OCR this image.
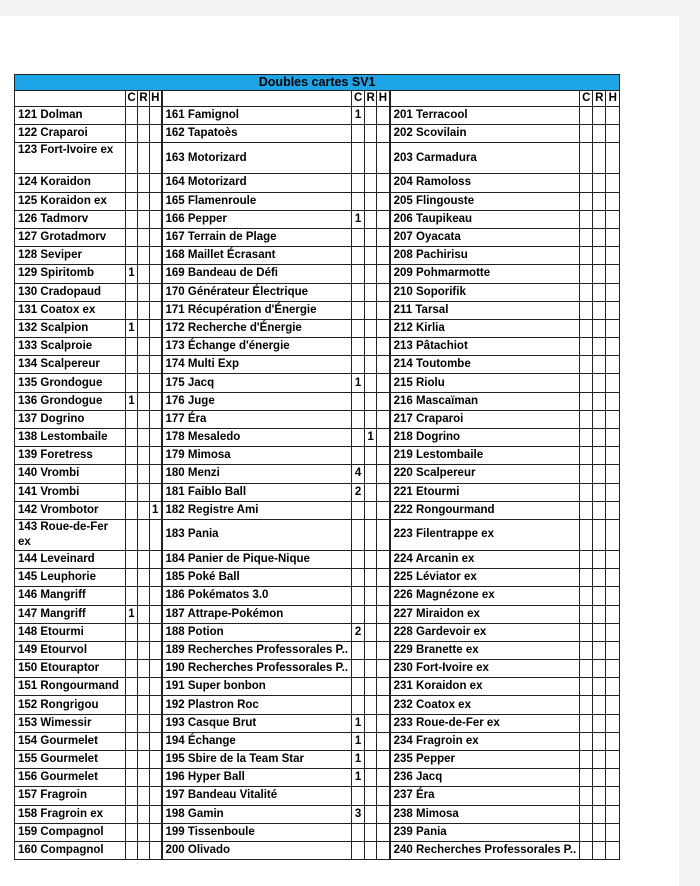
Doubles cartes SV1											
	C	R	H		C	R	H		C	R	H
121 Dolman				161 Famignol	1			201 Terracool			
122 Craparoi				162 Tapatoès				202 Scovilain			
123 Fort-Ivoire ex				163 Motorizard				203 Carmadura			
124 Koraidon				164 Motorizard				204 Ramoloss			
125 Koraidon ex				165 Flamenroule				205 Flingouste			
126 Tadmorv				166 Pepper	1			206 Taupikeau			
127 Grotadmorv				167 Terrain de Plage				207 Oyacata			
128 Seviper				168 Maillet Écrasant				208 Pachirisu			
129 Spiritomb	1			169 Bandeau de Défi				209 Pohmarmotte			
130 Cradopaud				170 Générateur Électrique				210 Soporifik			
131 Coatox ex				171 Récupération d'Énergie				211 Tarsal			
132 Scalpion	1			172 Recherche d'Énergie				212 Kirlia			
133 Scalproie				173 Échange d'énergie				213 Pâtachiot			
134 Scalpereur				174 Multi Exp				214 Toutombe			
135 Grondogue				175 Jacq	1			215 Riolu			
136 Grondogue	1			176 Juge				216 Mascaïman			
137 Dogrino				177 Éra				217 Craparoi			
138 Lestombaile				178 Mesaledo		1		218 Dogrino			
139 Foretress				179 Mimosa				219 Lestombaile			
140 Vrombi				180 Menzi	4			220 Scalpereur			
141 Vrombi				181 Faiblo Ball	2			221 Etourmi			
142 Vrombotor			1	182 Registre Ami				222 Rongourmand			
143 Roue-de-Fer ex				183 Pania				223 Filentrappe ex			
144 Leveinard				184 Panier de Pique-Nique				224 Arcanin ex			
145 Leuphorie				185 Poké Ball				225 Léviator ex			
146 Mangriff				186 Pokématos 3.0				226 Magnézone ex			
147 Mangriff	1			187 Attrape-Pokémon				227 Miraidon ex			
148 Etourmi				188 Potion	2			228 Gardevoir ex			
149 Etourvol				189 Recherches Professorales P..				229 Branette ex			
150 Etouraptor				190 Recherches Professorales P..				230 Fort-Ivoire ex			
151 Rongourmand				191 Super bonbon				231 Koraidon ex			
152 Rongrigou				192 Plastron Roc				232 Coatox ex			
153 Wimessir				193 Casque Brut	1			233 Roue-de-Fer ex			
154 Gourmelet				194 Échange	1			234 Fragroin ex			
155 Gourmelet				195 Sbire de la Team Star	1			235 Pepper			
156 Gourmelet				196 Hyper Ball	1			236 Jacq			
157 Fragroin				197 Bandeau Vitalité				237 Éra			
158 Fragroin ex				198 Gamin	3			238 Mimosa			
159 Compagnol				199 Tissenboule				239 Pania			
160 Compagnol				200 Olivado				240 Recherches Professorales P..			
